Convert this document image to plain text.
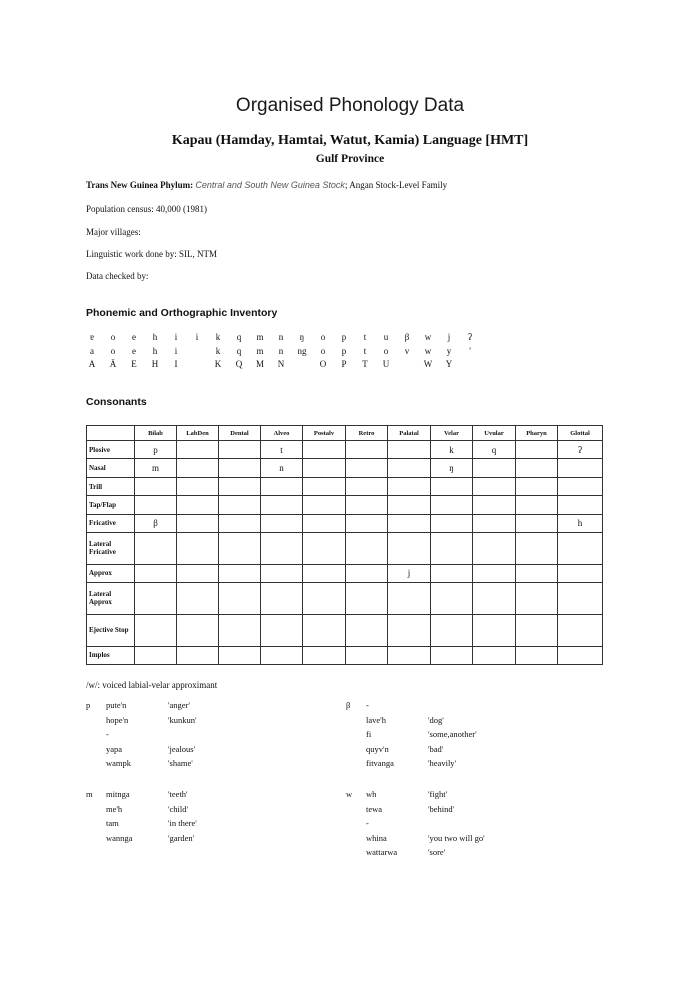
Organised Phonology Data
Kapau (Hamday, Hamtai, Watut, Kamia) Language [HMT]
Gulf Province
Trans New Guinea Phylum: Central and South New Guinea Stock; Angan Stock-Level Family
Population census: 40,000 (1981)
Major villages:
Linguistic work done by: SIL, NTM
Data checked by:
Phonemic and Orthographic Inventory
ɐ	o	e	h	i	i	k	q	m	n	ŋ	o	p	t	u	β	w	j	ʔ
a	o	e	h	i	k	q	m	n	ng	o	p	t	o	v	w	y	'
A	Ä	E	H	I	K	Q	M	N	O	P	T	U	W	Y
Consonants
	Bilab	LabDen	Dental	Alveo	Postalv	Retro	Palatal	Velar	Uvular	Pharyn	Glottal
Plosive	p			t				k	q		ʔ
Nasal	m			n				ŋ			
Trill											
Tap/Flap											
Fricative	β										h
Lateral Fricative											
Approx							j				
Lateral Approx											
Ejective Stop											
Implos											
/w/: voiced labial-velar approximant
p pute'n	'anger'
hope'n	'kunkun'
-
yapa	'jealous'
wampk	'shame'
β -
lave'h	'dog'
fi	'some,another'
quyv'n	'bad'
fitvanga	'heavily'
m mitnga	'teeth'
me'h	'child'
tam	'in there'
wannga	'garden'
w wh	'fight'
tewa	'behind'
-
whina	'you two will go'
wattarwa	'sore'
